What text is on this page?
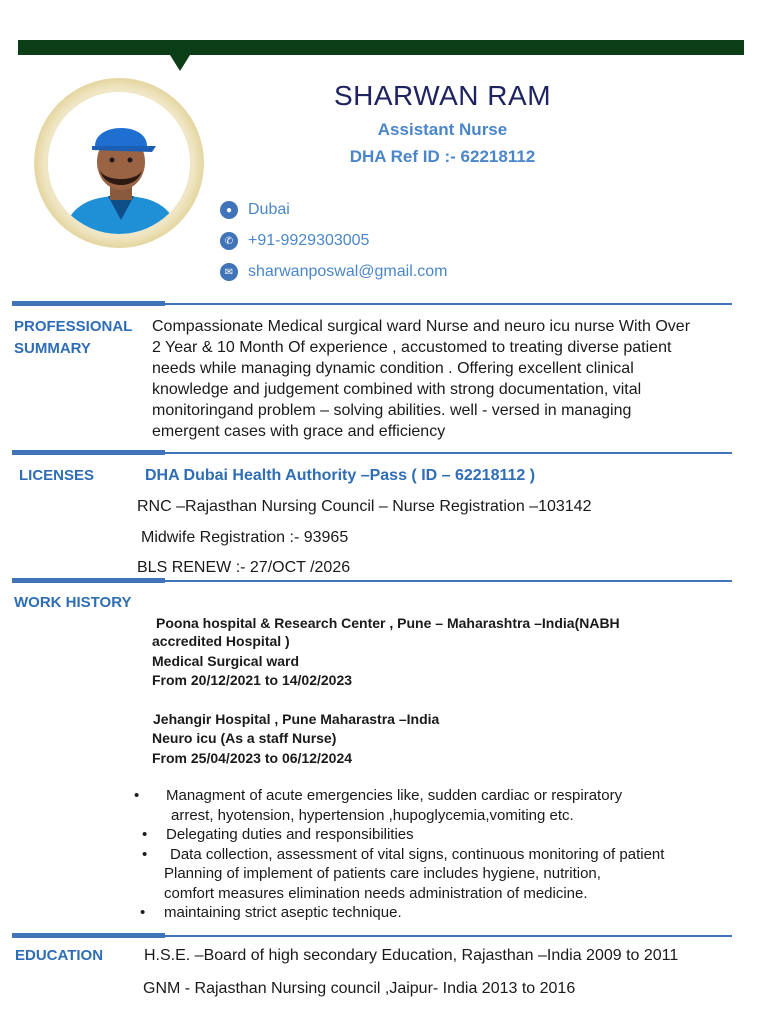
SHARWAN RAM
Assistant Nurse
DHA Ref ID :- 62218112
● Dubai
✆ +91-9929303005
✉ sharwanposwal@gmail.com
PROFESSIONAL
SUMMARY
Compassionate Medical surgical ward Nurse and neuro icu nurse With Over
2 Year & 10 Month Of experience , accustomed to treating diverse patient
needs while managing dynamic condition . Offering excellent clinical
knowledge and judgement combined with strong documentation, vital
monitoringand problem – solving abilities. well - versed in managing
emergent cases with grace and efficiency
LICENSES	DHA Dubai Health Authority –Pass ( ID – 62218112 )
RNC –Rajasthan Nursing Council – Nurse Registration –103142
Midwife Registration :- 93965
BLS RENEW :- 27/OCT /2026
WORK HISTORY
Poona hospital & Research Center , Pune – Maharashtra –India(NABH
accredited Hospital )
Medical Surgical ward
From 20/12/2021 to 14/02/2023
Jehangir Hospital , Pune Maharastra –India
Neuro icu (As a staff Nurse)
From 25/04/2023 to 06/12/2024
• Managment of acute emergencies like, sudden cardiac or respiratory
arrest, hyotension, hypertension ,hupoglycemia,vomiting etc.
• Delegating duties and responsibilities
• Data collection, assessment of vital signs, continuous monitoring of patient
Planning of implement of patients care includes hygiene, nutrition,
comfort measures elimination needs administration of medicine.
• maintaining strict aseptic technique.
EDUCATION	H.S.E. –Board of high secondary Education, Rajasthan –India 2009 to 2011
GNM - Rajasthan Nursing council ,Jaipur- India 2013 to 2016
